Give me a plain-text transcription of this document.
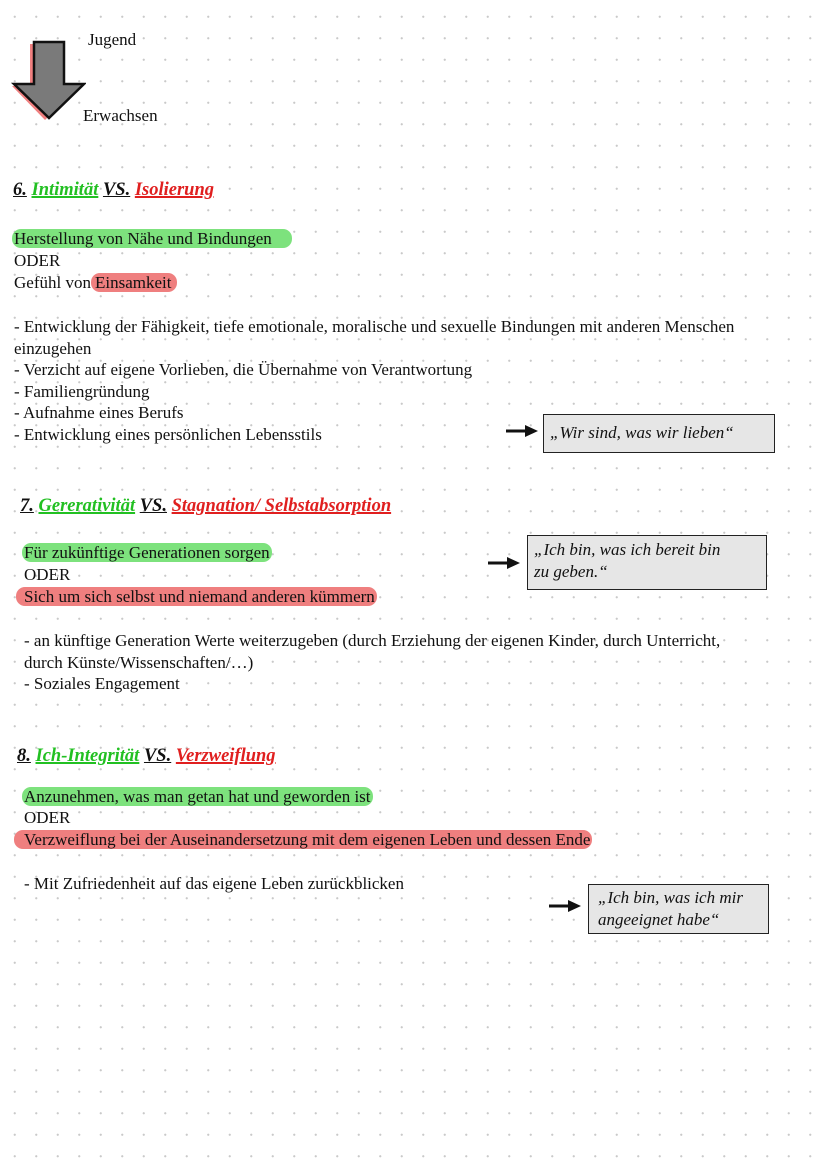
Jugend
Erwachsen
6. Intimität VS. Isolierung
Herstellung von Nähe und Bindungen
ODER
Gefühl von Einsamkeit
- Entwicklung der Fähigkeit, tiefe emotionale, moralische und sexuelle Bindungen mit anderen Menschen
einzugehen
- Verzicht auf eigene Vorlieben, die Übernahme von Verantwortung
- Familiengründung
- Aufnahme eines Berufs
- Entwicklung eines persönlichen Lebensstils	„Wir sind, was wir lieben“
7. Gererativität VS. Stagnation/ Selbstabsorption
Für zukünftige Generationen sorgen
ODER
Sich um sich selbst und niemand anderen kümmern
- an künftige Generation Werte weiterzugeben (durch Erziehung der eigenen Kinder, durch Unterricht,
durch Künste/Wissenschaften/…)
- Soziales Engagement
„Ich bin, was ich bereit bin
zu geben.“
8. Ich-Integrität VS. Verzweiflung
Anzunehmen, was man getan hat und geworden ist
ODER
Verzweiflung bei der Auseinandersetzung mit dem eigenen Leben und dessen Ende
- Mit Zufriedenheit auf das eigene Leben zurückblicken
„Ich bin, was ich mir
angeeignet habe“
